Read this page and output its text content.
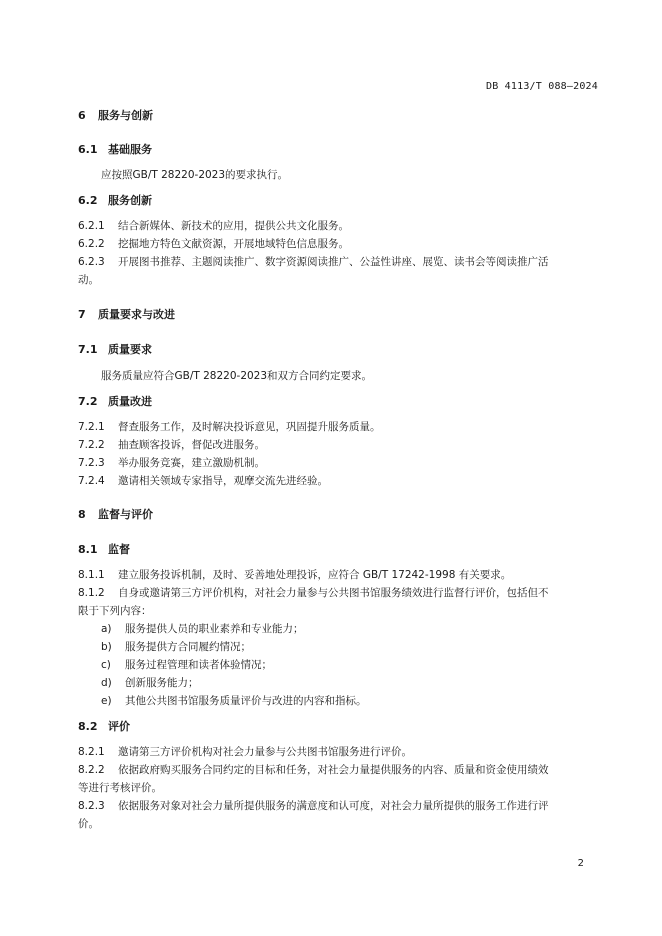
DB 4113/T 088—2024
6 服务与创新
6.1 基础服务
应按照GB/T 28220-2023的要求执行。
6.2 服务创新
6.2.1 结合新媒体、新技术的应用，提供公共文化服务。
6.2.2 挖掘地方特色文献资源，开展地域特色信息服务。
6.2.3 开展图书推荐、主题阅读推广、数字资源阅读推广、公益性讲座、展览、读书会等阅读推广活
动。
7 质量要求与改进
7.1 质量要求
服务质量应符合GB/T 28220-2023和双方合同约定要求。
7.2 质量改进
7.2.1 督查服务工作，及时解决投诉意见，巩固提升服务质量。
7.2.2 抽查顾客投诉，督促改进服务。
7.2.3 举办服务竞赛，建立激励机制。
7.2.4 邀请相关领域专家指导，观摩交流先进经验。
8 监督与评价
8.1 监督
8.1.1 建立服务投诉机制，及时、妥善地处理投诉，应符合 GB/T 17242-1998 有关要求。
8.1.2 自身或邀请第三方评价机构，对社会力量参与公共图书馆服务绩效进行监督行评价，包括但不
限于下列内容：
a) 服务提供人员的职业素养和专业能力；
b) 服务提供方合同履约情况；
c) 服务过程管理和读者体验情况；
d) 创新服务能力；
e) 其他公共图书馆服务质量评价与改进的内容和指标。
8.2 评价
8.2.1 邀请第三方评价机构对社会力量参与公共图书馆服务进行评价。
8.2.2 依据政府购买服务合同约定的目标和任务，对社会力量提供服务的内容、质量和资金使用绩效
等进行考核评价。
8.2.3 依据服务对象对社会力量所提供服务的满意度和认可度，对社会力量所提供的服务工作进行评
价。
2
